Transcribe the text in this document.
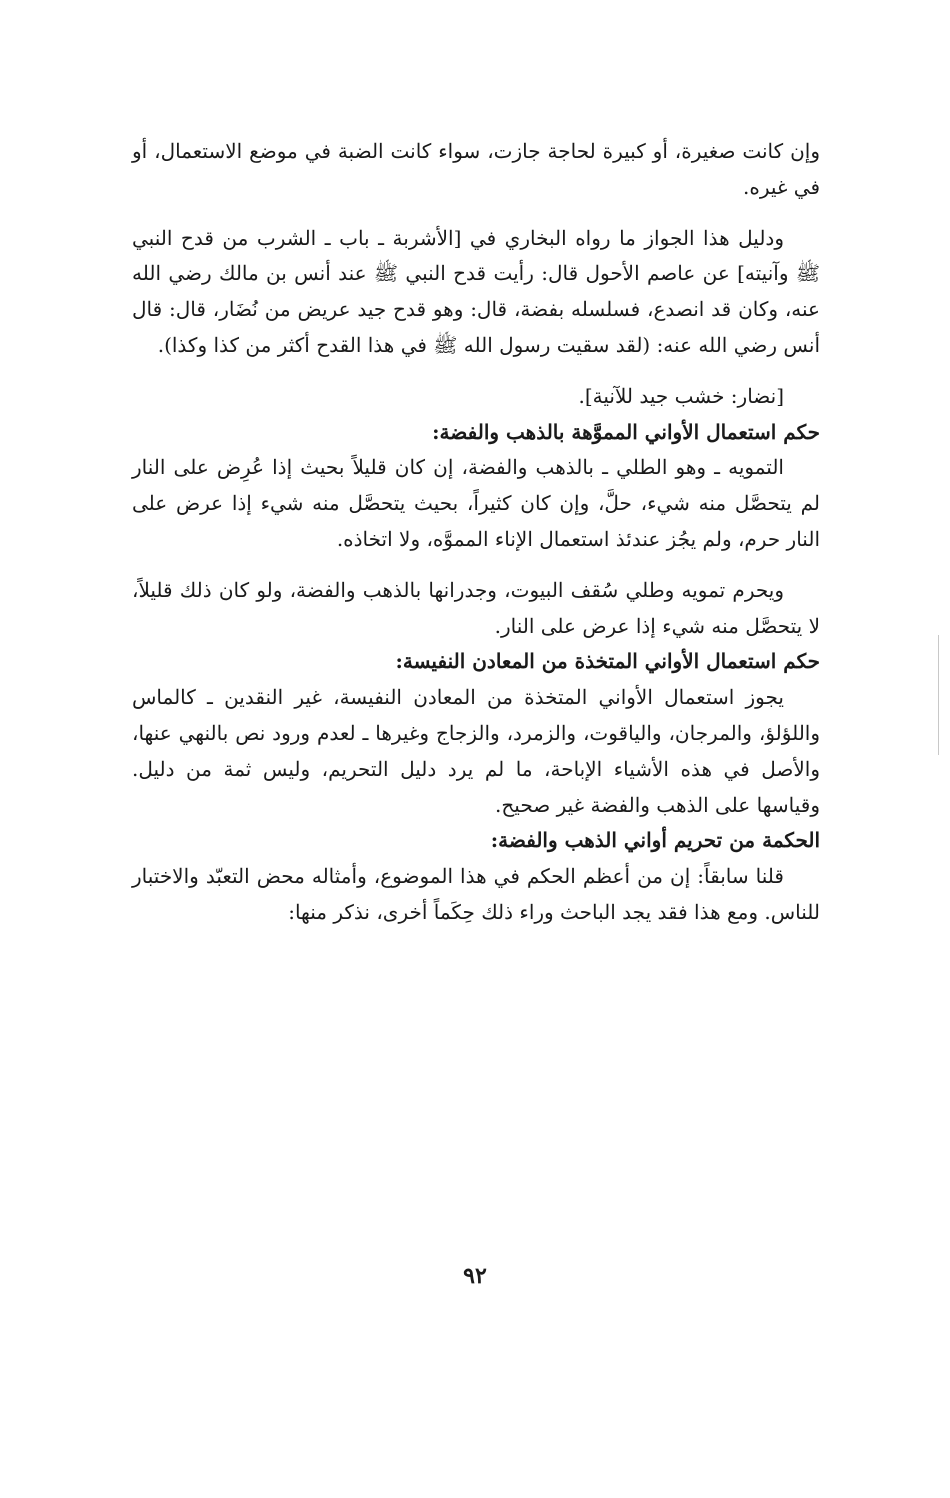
وإن كانت صغيرة، أو كبيرة لحاجة جازت، سواء كانت الضبة في موضع الاستعمال، أو في غيره.

ودليل هذا الجواز ما رواه البخاري في [الأشربة ـ باب ـ الشرب من قدح النبي ﷺ وآنيته] عن عاصم الأحول قال: رأيت قدح النبي ﷺ عند أنس بن مالك رضي الله عنه، وكان قد انصدع، فسلسله بفضة، قال: وهو قدح جيد عريض من نُضَار، قال: قال أنس رضي الله عنه: (لقد سقيت رسول الله ﷺ في هذا القدح أكثر من كذا وكذا).

[نضار: خشب جيد للآنية].

حكم استعمال الأواني المموَّهة بالذهب والفضة:

التمويه ـ وهو الطلي ـ بالذهب والفضة، إن كان قليلاً بحيث إذا عُرِض على النار لم يتحصَّل منه شيء، حلَّ، وإن كان كثيراً، بحيث يتحصَّل منه شيء إذا عرض على النار حرم، ولم يجُز عندئذ استعمال الإناء المموَّه، ولا اتخاذه.

ويحرم تمويه وطلي سُقف البيوت، وجدرانها بالذهب والفضة، ولو كان ذلك قليلاً، لا يتحصَّل منه شيء إذا عرض على النار.

حكم استعمال الأواني المتخذة من المعادن النفيسة:

يجوز استعمال الأواني المتخذة من المعادن النفيسة، غير النقدين ـ كالماس واللؤلؤ، والمرجان، والياقوت، والزمرد، والزجاج وغيرها ـ لعدم ورود نص بالنهي عنها، والأصل في هذه الأشياء الإباحة، ما لم يرد دليل التحريم، وليس ثمة من دليل. وقياسها على الذهب والفضة غير صحيح.

الحكمة من تحريم أواني الذهب والفضة:

قلنا سابقاً: إن من أعظم الحكم في هذا الموضوع، وأمثاله محض التعبّد والاختبار للناس. ومع هذا فقد يجد الباحث وراء ذلك حِكَماً أخرى، نذكر منها:

٩٢
